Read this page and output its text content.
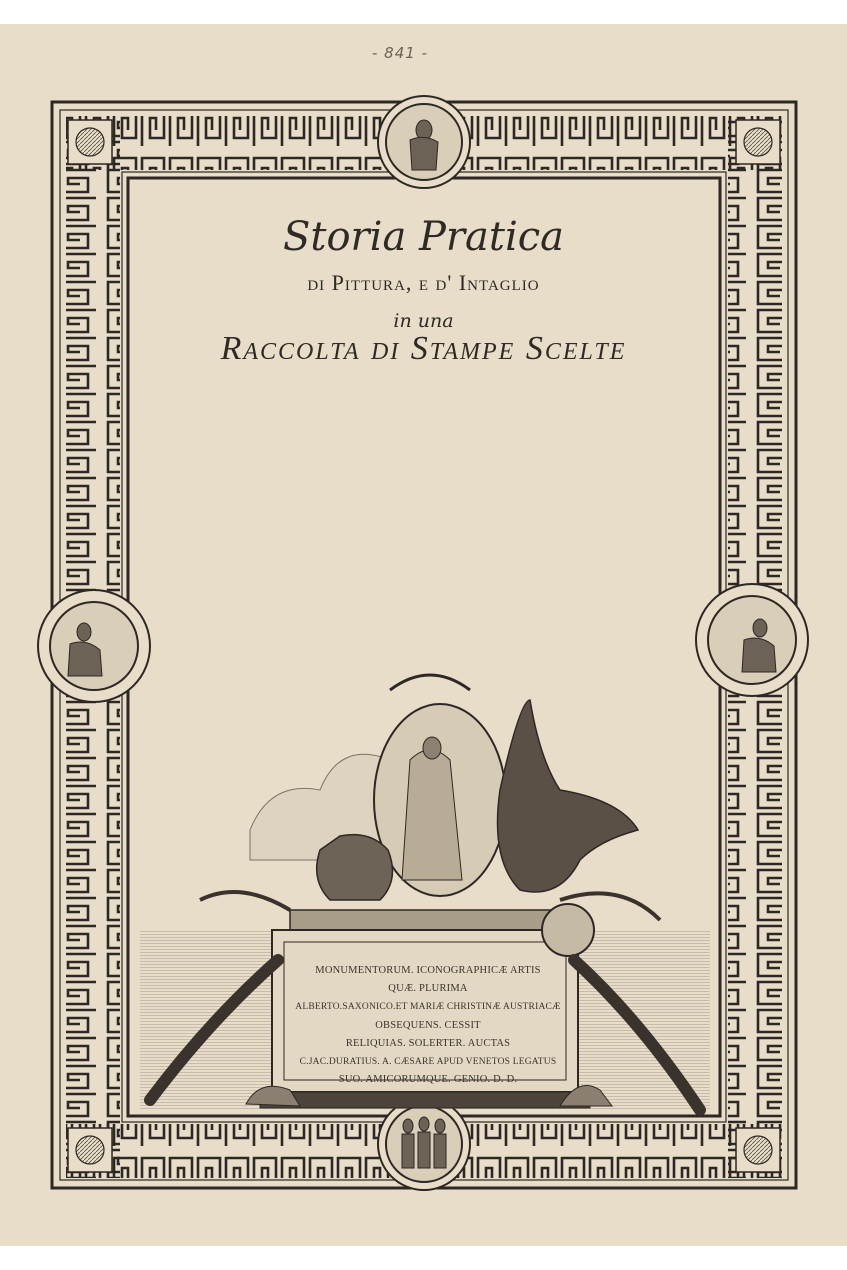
- 841 -
Storia Pratica
di Pittura, e d' Intaglio
in una
Raccolta di Stampe Scelte
MONUMENTORUM. ICONOGRAPHICÆ ARTIS
QUÆ. PLURIMA
ALBERTO.SAXONICO.ET MARIÆ CHRISTINÆ AUSTRIACÆ
OBSEQUENS. CESSIT
RELIQUIAS. SOLERTER. AUCTAS
C.JAC.DURATIUS. A. CÆSARE APUD VENETOS LEGATUS
SUO. AMICORUMQUE. GENIO. D. D.
